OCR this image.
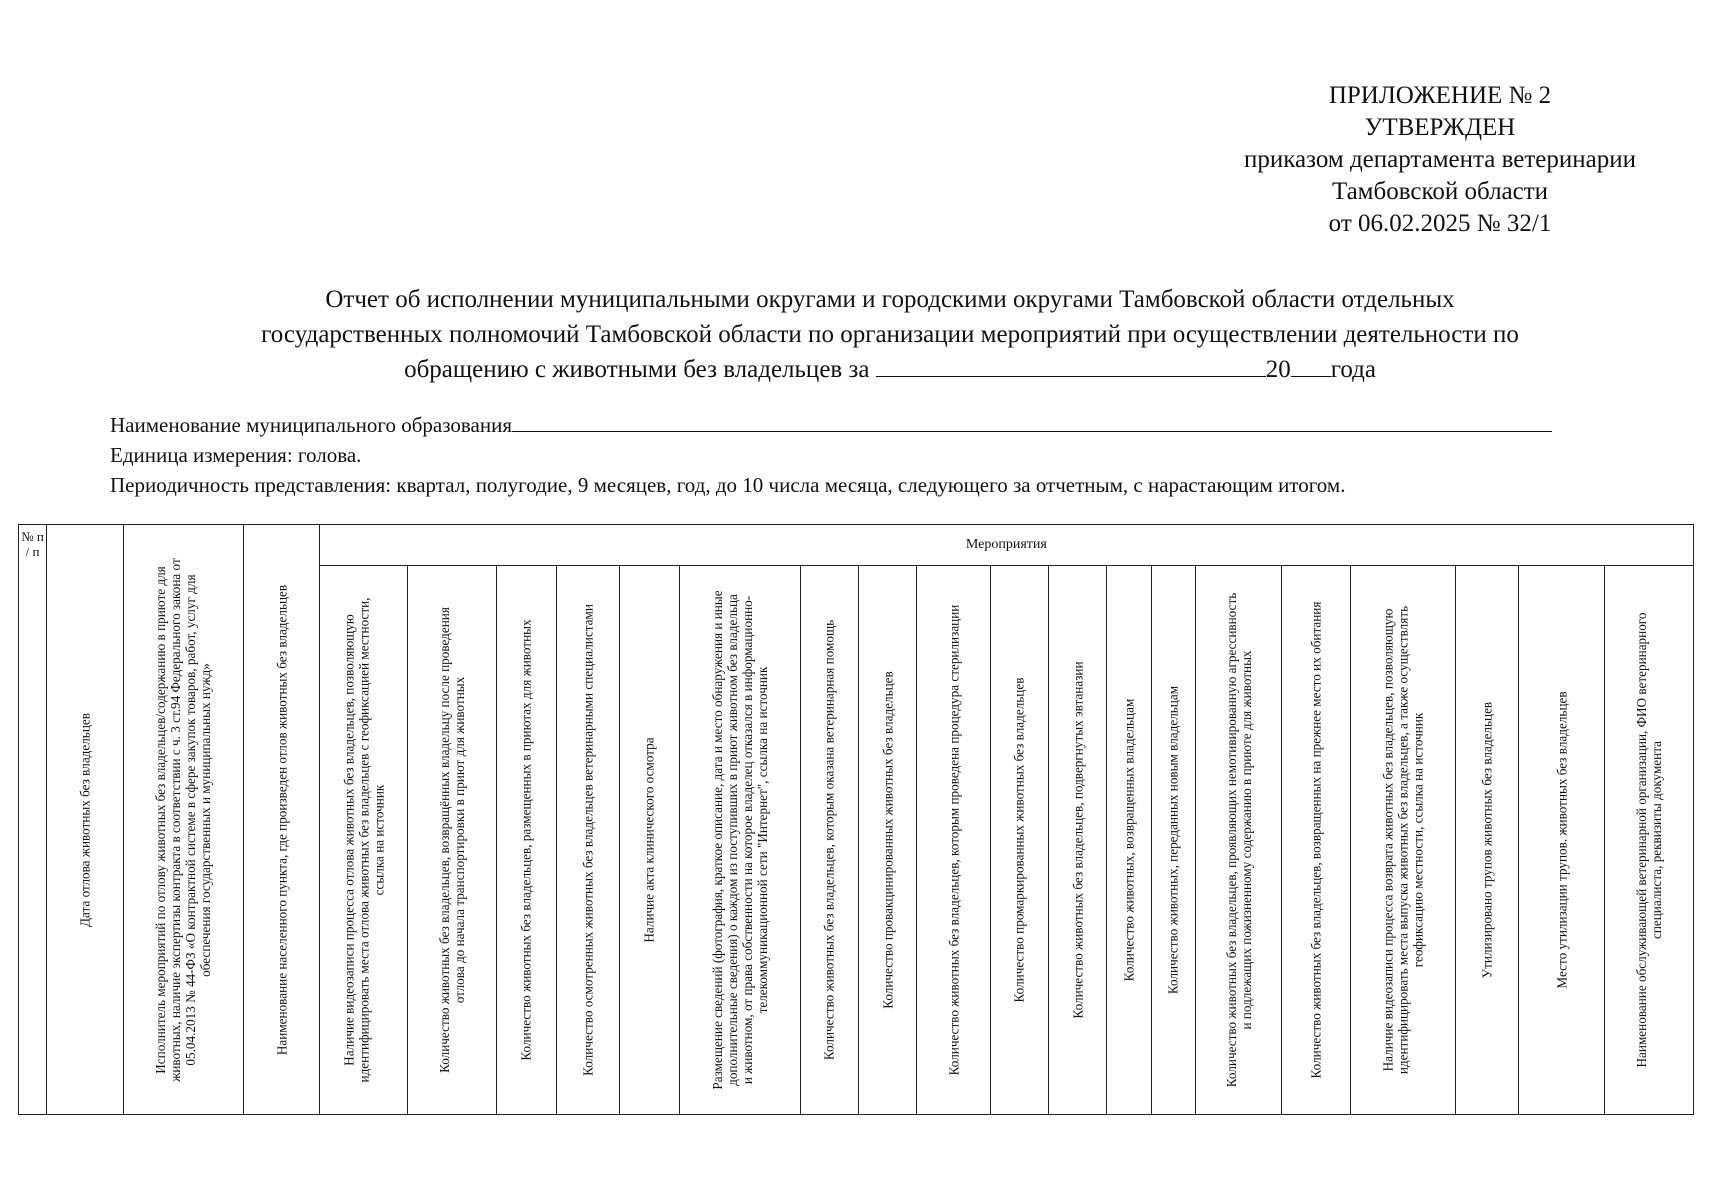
ПРИЛОЖЕНИЕ № 2
УТВЕРЖДЕН
приказом департамента ветеринарии
Тамбовской области
от 06.02.2025 № 32/1
Отчет об исполнении муниципальными округами и городскими округами Тамбовской области отдельных
государственных полномочий Тамбовской области по организации мероприятий при осуществлении деятельности по
обращению с животными без владельцев за	20 года
Наименование муниципального образования
Единица измерения: голова.
Периодичность представления: квартал, полугодие, 9 месяцев, год, до 10 числа месяца, следующего за отчетным, с нарастающим итогом.
№ п / п	Дата отлова животных без владельцев	Исполнитель мероприятий по отлову животных без владельцев/содержанию в приюте для животных, наличие экспертизы контракта в соответствии с ч. 3 ст.94 Федерального закона от 05.04.2013 № 44-ФЗ «О контрактной системе в сфере закупок товаров, работ, услуг для обеспечения государственных и муниципальных нужд»	Наименование населенного пункта, где произведен отлов животных без владельцев	Мероприятия																		

				Наличие видеозаписи процесса отлова животных без владельцев, позволяющую идентифицировать места отлова животных без владельцев с геофиксацией местности, ссылка на источник	Количество животных без владельцев, возвращённых владельцу после проведения отлова до начала транспортировки в приют для животных	Количество животных без владельцев, размещенных в приютах для животных	Количество осмотренных животных без владельцев ветеринарными специалистами	Наличие акта клинического осмотра	Размещение сведений (фотография, краткое описание, дата и место обнаружения и иные дополнительные сведения) о каждом из поступивших в приют животном без владельца и животном, от права собственности на которое владелец отказался в информационно-телекоммуникационной сети "Интернет", ссылка на источник	Количество животных без владельцев, которым оказана ветеринарная помощь	Количество провакцинированных животных без владельцев	Количество животных без владельцев, которым проведена процедура стерилизации	Количество промаркированных животных без владельцев	Количество животных без владельцев, подвергнутых эвтаназии	Количество животных, возвращенных владельцам	Количество животных, переданных новым владельцам	Количество животных без владельцев, проявляющих немотивированную агрессивность и подлежащих пожизненному содержанию в приюте для животных	Количество животных без владельцев, возвращенных на прежнее место их обитания	Наличие видеозаписи процесса возврата животных без владельцев, позволяющую идентифицировать места выпуска животных без владельцев, а также осуществлять геофиксацию местности, ссылка на источник	Утилизировано трупов животных без владельцев	Место утилизации трупов. животных без владельцев	Наименование обслуживающей ветеринарной организации, ФИО ветеринарного специалиста, реквизиты документа
